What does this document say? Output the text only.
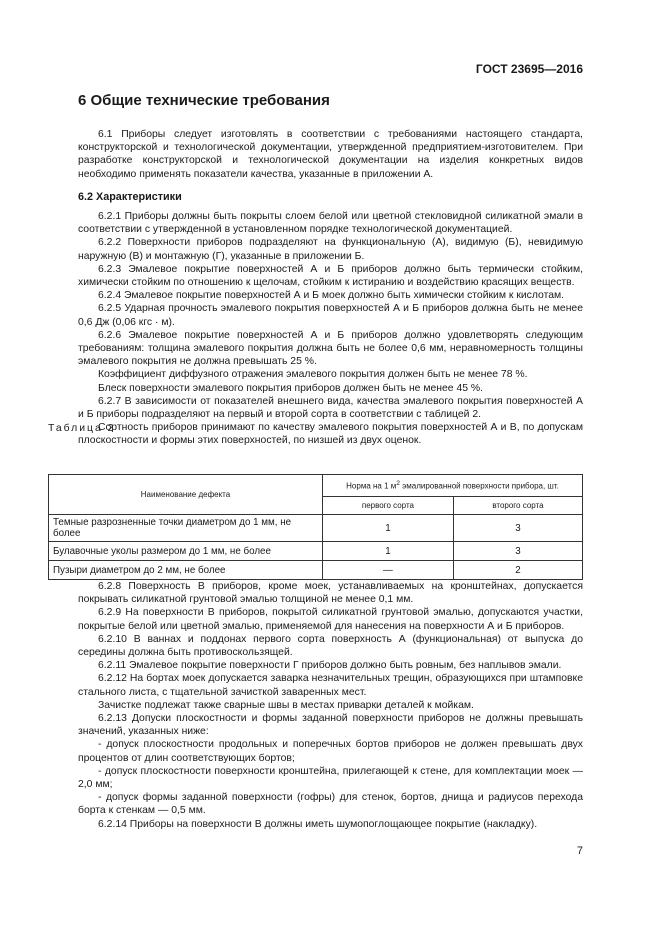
ГОСТ 23695—2016
6 Общие технические требования

6.1 Приборы следует изготовлять в соответствии с требованиями настоящего стандарта, конструкторской и технологической документации, утвержденной предприятием-изготовителем. При разработке конструкторской и технологической документации на изделия конкретных видов необходимо применять показатели качества, указанные в приложении А.

6.2 Характеристики

6.2.1 Приборы должны быть покрыты слоем белой или цветной стекловидной силикатной эмали в соответствии с утвержденной в установленном порядке технологической документацией.

6.2.2 Поверхности приборов подразделяют на функциональную (А), видимую (Б), невидимую наружную (В) и монтажную (Г), указанные в приложении Б.

6.2.3 Эмалевое покрытие поверхностей А и Б приборов должно быть термически стойким, химически стойким по отношению к щелочам, стойким к истиранию и воздействию красящих веществ.

6.2.4 Эмалевое покрытие поверхностей А и Б моек должно быть химически стойким к кислотам.

6.2.5 Ударная прочность эмалевого покрытия поверхностей А и Б приборов должна быть не менее 0,6 Дж (0,06 кгс · м).

6.2.6 Эмалевое покрытие поверхностей А и Б приборов должно удовлетворять следующим требованиям: толщина эмалевого покрытия должна быть не более 0,6 мм, неравномерность толщины эмалевого покрытия не должна превышать 25 %.

Коэффициент диффузного отражения эмалевого покрытия должен быть не менее 78 %.

Блеск поверхности эмалевого покрытия приборов должен быть не менее 45 %.

6.2.7 В зависимости от показателей внешнего вида, качества эмалевого покрытия поверхностей А и Б приборы подразделяют на первый и второй сорта в соответствии с таблицей 2.

Сортность приборов принимают по качеству эмалевого покрытия поверхностей А и В, по допускам плоскостности и формы этих поверхностей, по низшей из двух оценок.

Таблица 2
Наименование дефекта	Норма на 1 $м^2$ эмалированной поверхности прибора, шт.	
	первого сорта	второго сорта
Темные разрозненные точки диаметром до 1 мм, не более	1	3
Булавочные уколы размером до 1 мм, не более	1	3
Пузыри диаметром до 2 мм, не более	—	2

6.2.8 Поверхность В приборов, кроме моек, устанавливаемых на кронштейнах, допускается покрывать силикатной грунтовой эмалью толщиной не менее 0,1 мм.

6.2.9 На поверхности В приборов, покрытой силикатной грунтовой эмалью, допускаются участки, покрытые белой или цветной эмалью, применяемой для нанесения на поверхности А и Б приборов.

6.2.10 В ваннах и поддонах первого сорта поверхность А (функциональная) от выпуска до середины должна быть противоскользящей.

6.2.11 Эмалевое покрытие поверхности Г приборов должно быть ровным, без наплывов эмали.

6.2.12 На бортах моек допускается заварка незначительных трещин, образующихся при штамповке стального листа, с тщательной зачисткой заваренных мест.

Зачистке подлежат также сварные швы в местах приварки деталей к мойкам.

6.2.13 Допуски плоскостности и формы заданной поверхности приборов не должны превышать значений, указанных ниже:

- допуск плоскостности продольных и поперечных бортов приборов не должен превышать двух процентов от длин соответствующих бортов;

- допуск плоскостности поверхности кронштейна, прилегающей к стене, для комплектации моек — 2,0 мм;

- допуск формы заданной поверхности (гофры) для стенок, бортов, днища и радиусов перехода борта к стенкам — 0,5 мм.

6.2.14 Приборы на поверхности В должны иметь шумопоглощающее покрытие (накладку).

7
